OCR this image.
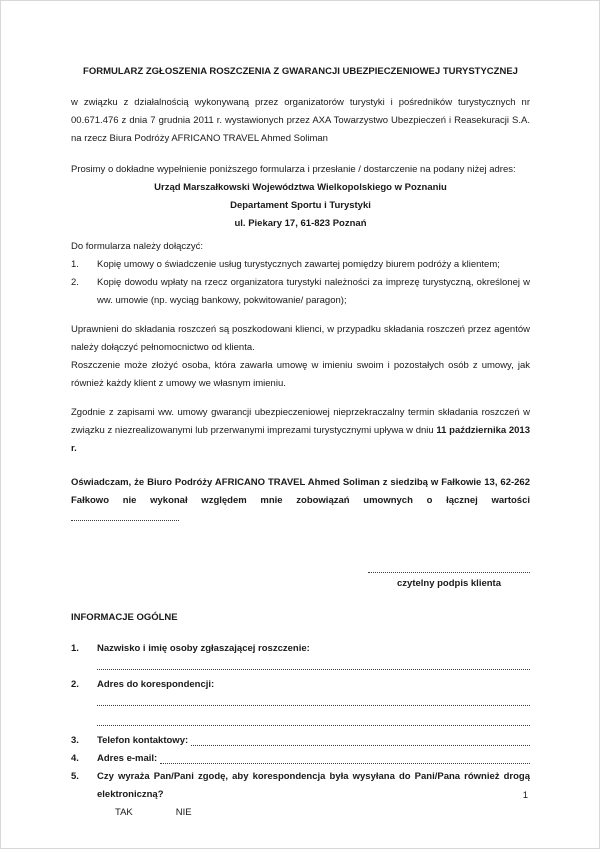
FORMULARZ ZGŁOSZENIA ROSZCZENIA Z GWARANCJI UBEZPIECZENIOWEJ TURYSTYCZNEJ

w związku z działalnością wykonywaną przez organizatorów turystyki i pośredników turystycznych nr 00.671.476 z dnia 7 grudnia 2011 r. wystawionych przez AXA Towarzystwo Ubezpieczeń i Reasekuracji S.A. na rzecz Biura Podróży AFRICANO TRAVEL Ahmed Soliman

Prosimy o dokładne wypełnienie poniższego formularza i przesłanie / dostarczenie na podany niżej adres:

Urząd Marszałkowski Województwa Wielkopolskiego w Poznaniu
Departament Sportu i Turystyki
ul. Piekary 17, 61-823 Poznań

Do formularza należy dołączyć:

1.	Kopię umowy o świadczenie usług turystycznych zawartej pomiędzy biurem podróży a klientem;
2.	Kopię dowodu wpłaty na rzecz organizatora turystyki należności za imprezę turystyczną, określonej w ww. umowie (np. wyciąg bankowy, pokwitowanie/ paragon);

Uprawnieni do składania roszczeń są poszkodowani klienci, w przypadku składania roszczeń przez agentów należy dołączyć pełnomocnictwo od klienta.

Roszczenie może złożyć osoba, która zawarła umowę w imieniu swoim i pozostałych osób z umowy, jak również każdy klient z umowy we własnym imieniu.

Zgodnie z zapisami ww. umowy gwarancji ubezpieczeniowej nieprzekraczalny termin składania roszczeń w związku z niezrealizowanymi lub przerwanymi imprezami turystycznymi upływa w dniu 11 października 2013 r.

Oświadczam, że Biuro Podróży AFRICANO TRAVEL Ahmed Soliman z siedzibą w Fałkowie 13, 62-262 Fałkowo nie wykonał względem mnie zobowiązań umownych o łącznej wartości

czytelny podpis klienta
INFORMACJE OGÓLNE
1.	Nazwisko i imię osoby zgłaszającej roszczenie:
2.	Adres do korespondencji:
3.	Telefon kontaktowy:
4.	Adres e-mail:
5.	Czy wyraża Pan/Pani zgodę, aby korespondencja była wysyłana do Pani/Pana również drogą elektroniczną?
TAK	NIE
1
